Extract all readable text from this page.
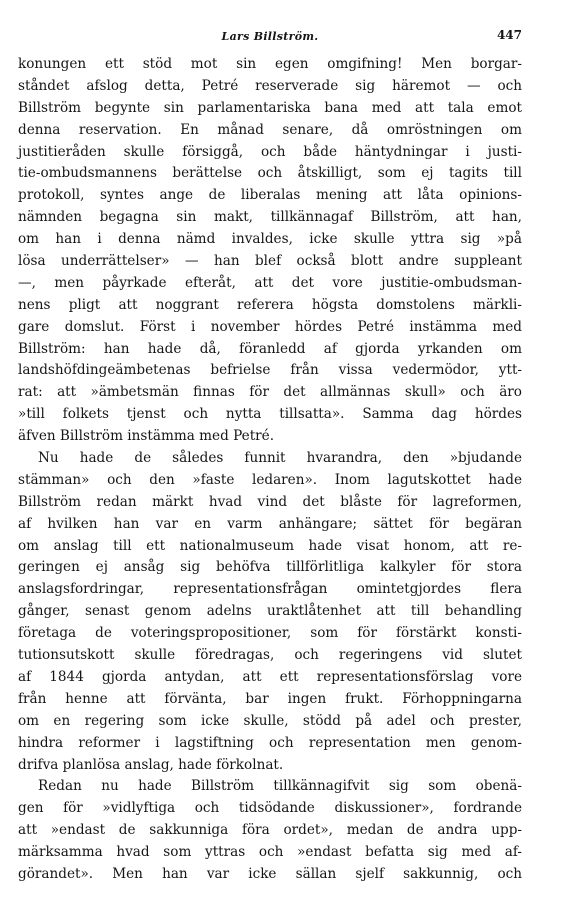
Lars Billström.	447
konungen ett stöd mot sin egen omgifning! Men borgar-
ståndet afslog detta, Petré reserverade sig häremot — och
Billström begynte sin parlamentariska bana med att tala emot
denna reservation. En månad senare, då omröstningen om
justitieråden skulle försiggå, och både häntydningar i justi-
tie-ombudsmannens berättelse och åtskilligt, som ej tagits till
protokoll, syntes ange de liberalas mening att låta opinions-
nämnden begagna sin makt, tillkännagaf Billström, att han,
om han i denna nämd invaldes, icke skulle yttra sig »på
lösa underrättelser» — han blef också blott andre suppleant
—, men påyrkade efteråt, att det vore justitie-ombudsman-
nens pligt att noggrant referera högsta domstolens märkli-
gare domslut. Först i november hördes Petré instämma med
Billström: han hade då, föranledd af gjorda yrkanden om
landshöfdingeämbetenas befrielse från vissa vedermödor, ytt-
rat: att »ämbetsmän finnas för det allmännas skull» och äro
»till folkets tjenst och nytta tillsatta». Samma dag hördes
äfven Billström instämma med Petré.
Nu hade de således funnit hvarandra, den »bjudande
stämman» och den »faste ledaren». Inom lagutskottet hade
Billström redan märkt hvad vind det blåste för lagreformen,
af hvilken han var en varm anhängare; sättet för begäran
om anslag till ett nationalmuseum hade visat honom, att re-
geringen ej ansåg sig behöfva tillförlitliga kalkyler för stora
anslagsfordringar, representationsfrågan omintetgjordes flera
gånger, senast genom adelns uraktlåtenhet att till behandling
företaga de voteringspropositioner, som för förstärkt konsti-
tutionsutskott skulle föredragas, och regeringens vid slutet
af 1844 gjorda antydan, att ett representationsförslag vore
från henne att förvänta, bar ingen frukt. Förhoppningarna
om en regering som icke skulle, stödd på adel och prester,
hindra reformer i lagstiftning och representation men genom-
drifva planlösa anslag, hade förkolnat.
Redan nu hade Billström tillkännagifvit sig som obenä-
gen för »vidlyftiga och tidsödande diskussioner», fordrande
att »endast de sakkunniga föra ordet», medan de andra upp-
märksamma hvad som yttras och »endast befatta sig med af-
görandet». Men han var icke sällan sjelf sakkunnig, och
